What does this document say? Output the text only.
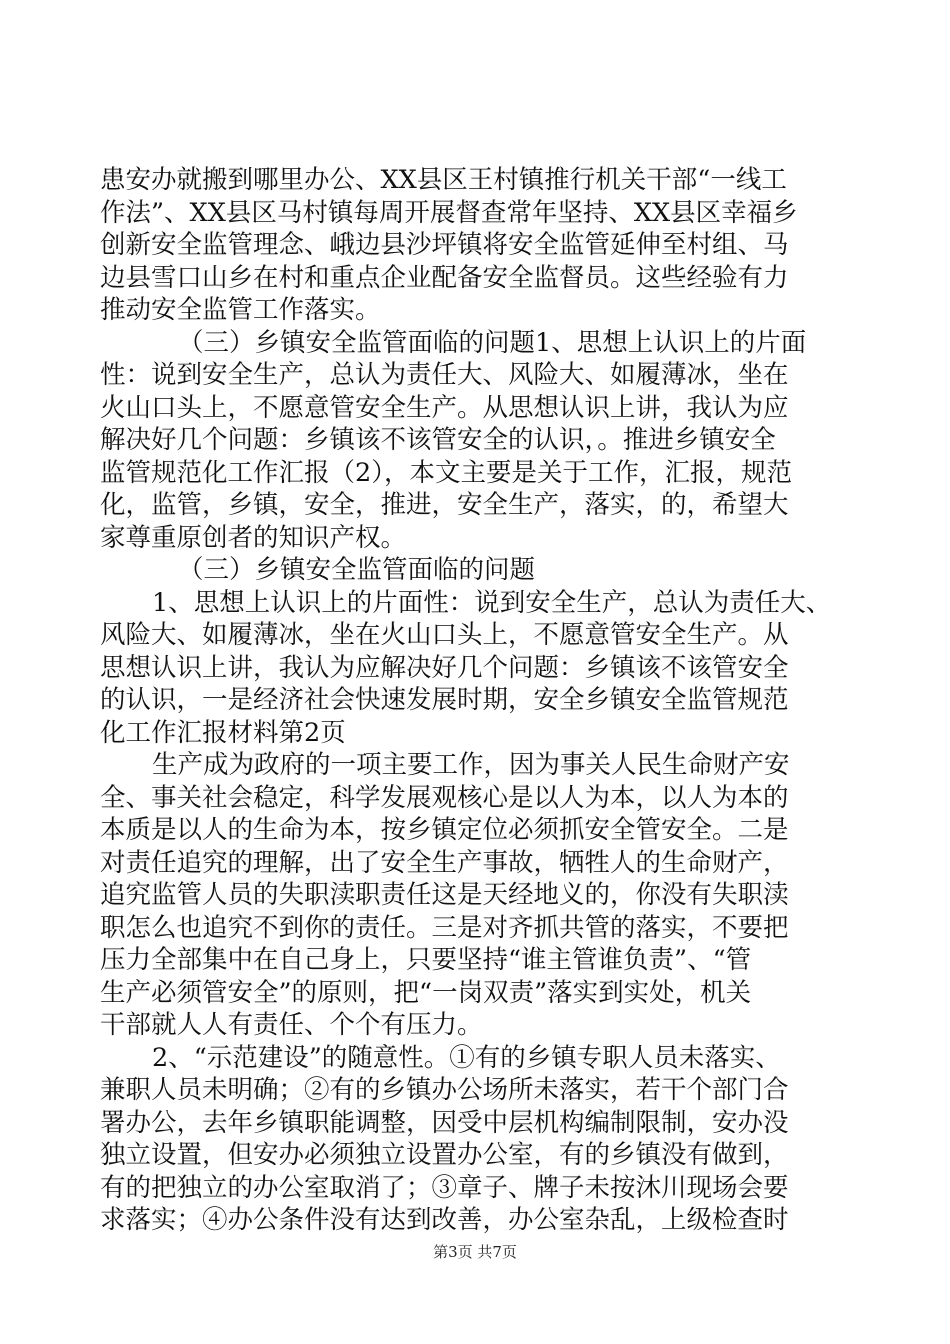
患安办就搬到哪里办公、XX县区王村镇推行机关干部“一线工
作法”、XX县区马村镇每周开展督查常年坚持、XX县区幸福乡
创新安全监管理念、峨边县沙坪镇将安全监管延伸至村组、马
边县雪口山乡在村和重点企业配备安全监督员。这些经验有力
推动安全监管工作落实。
（三）乡镇安全监管面临的问题1、思想上认识上的片面
性：说到安全生产，总认为责任大、风险大、如履薄冰，坐在
火山口头上，不愿意管安全生产。从思想认识上讲，我认为应
解决好几个问题：乡镇该不该管安全的认识，。推进乡镇安全
监管规范化工作汇报（2），本文主要是关于工作，汇报，规范
化，监管，乡镇，安全，推进，安全生产，落实，的，希望大
家尊重原创者的知识产权。
（三）乡镇安全监管面临的问题
1、思想上认识上的片面性：说到安全生产，总认为责任大、
风险大、如履薄冰，坐在火山口头上，不愿意管安全生产。从
思想认识上讲，我认为应解决好几个问题：乡镇该不该管安全
的认识，一是经济社会快速发展时期，安全乡镇安全监管规范
化工作汇报材料第2页
生产成为政府的一项主要工作，因为事关人民生命财产安
全、事关社会稳定，科学发展观核心是以人为本，以人为本的
本质是以人的生命为本，按乡镇定位必须抓安全管安全。二是
对责任追究的理解，出了安全生产事故，牺牲人的生命财产，
追究监管人员的失职渎职责任这是天经地义的，你没有失职渎
职怎么也追究不到你的责任。三是对齐抓共管的落实，不要把
压力全部集中在自己身上，只要坚持“谁主管谁负责”、“管
生产必须管安全”的原则，把“一岗双责”落实到实处，机关
干部就人人有责任、个个有压力。
2、“示范建设”的随意性。①有的乡镇专职人员未落实、
兼职人员未明确；②有的乡镇办公场所未落实，若干个部门合
署办公，去年乡镇职能调整，因受中层机构编制限制，安办没
独立设置，但安办必须独立设置办公室，有的乡镇没有做到，
有的把独立的办公室取消了；③章子、牌子未按沐川现场会要
求落实；④办公条件没有达到改善，办公室杂乱，上级检查时
第3页 共7页
